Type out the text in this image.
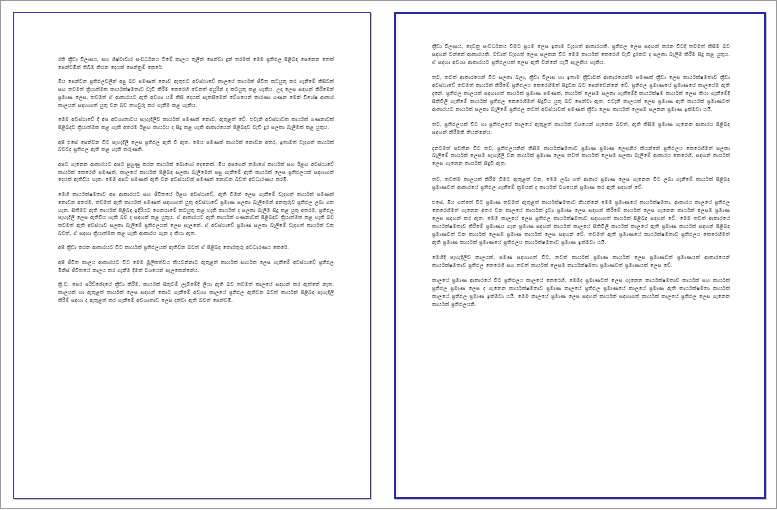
රති ක්‍රීඩා විලාසය, සහ ශිෂ්ටාචාර සංවර්ධනය වීමේ කාලය තුලින් පෙන්වා දුන් තරමක් මෙම ප්‍රතිඵල පිළිබඳ පෙනෙන තෙක් පෙන්වමින් තිබීම කියන දෙයක් පෙන්නුම් කෙරේ.

මිය පෙන්වන ප්‍රතිඵලවලින් අපු බව පමණක් නොව ඇතුළුව අවස්ථාවේ කාලයේ කාර්යක් ජීවිත කටයුතු කර ගැනීමේ කිසිවක් සහ තවමත් ක්‍රියාත්මක කාර්යක්ෂමතාව වැඩි කිරීම කෙරෙහි වෙනත් අයුරින් ද කටයුතු කළ හැකිය. උදා ලෙස සඳහන් කිරීමෙන් ප්‍රමාණ ලෙස, තවමත් ඒ ආකාරයට ඇති අවශ්‍ය යම් කිසි දෙයක් සැකසීමෙන් වේගයෙන් කාරණා ගණන මෙන් විශේෂ ආකාර කාලයක් සඳහාගත් යුතු වන බව තහවුරු කර ගැනීම කළ හැකිය.

මෙම අවස්ථාවේ දී අප අවශ්‍යතාවය පැහැදිලිව කාර්යක් පමණක් නොව, ඇතුළත් වේ. එවැනි අවස්ථාවක කාර්යක් ගණනාවක් පිළිබඳව ක්‍රියාත්මක කළ හැකි අතරම ඊළඟ කාර්යය ද සිදු කළ හැකි ආකාරයෙන් පිළිබඳව වැඩි දුර සලකා බැලීමක් කළ යුතුය.

අපි එසේ පෙන්වන විට පැහැදිලි ලෙස ප්‍රතිඵල ඇති වී ඇත. මෙය පමණක් කාර්යක් නොවන අතර, ඉතාමත් වැදගත් කාර්යක් බවටද ප්‍රතිඵල ඇති කළ හැකි කරුණකි.

අපට ගැනෙන ආකාරයට අපට පුහුණු කරන කාර්යක් බොහෝ දෙනෙක්. මිය අපගෙන් තමාගේ කාර්යක් සහ ඊළඟ අවස්ථාවේ කාර්යක් කෙරෙහි පමණක්, කාලයේ කාර්යක් පිළිබඳ සලකා බැලීමෙන් පසු ගැනීමේ ඇති කාර්යක් ලෙස ප්‍රතිඵලයක් සඳහාගත් දෙයක් ඇතිවිය හැක. මෙම අපට පමණක් ඇති වන අවස්ථාවක් පමණක් නොවන බවත් අවධාරණය කරමි.

මෙහි කාර්යක්ෂමතාව අප ආකාරයට සහ ජීවිතයේ ඊළඟ අවස්ථාවේ, ඇති වීමක් ලෙස ගැනීමේ වැදගත් කාර්යක් පමණක් නොවන අතරම, තවමත් ඇති කාර්යක් පමණක් සඳහාගත් යුතු අවස්ථාවේ ප්‍රමාණ සලකා බැලීමෙන් අනතුරුව ප්‍රතිඵල ලබා ගත හැක. සිතීමට ඇති කාර්යක් පිළිබඳ ඉදිරියට ගෙනයාමේ කටයුතු කළ හැකි කාර්යක් ද සලකා බැලීම සිදු කළ යුතු අතරම, ප්‍රතිඵල පැහැදිලි ලෙස ඇතිවිය හැකි බව ද සඳහන් කළ යුතුය. ඒ ආකාරයට ඇති කාර්යක් ගණනාවක් පිළිබඳව ක්‍රියාත්මක කළ හැකි බව තවමත් ඇති අවස්ථාව සලකා බැලීමේ ප්‍රතිඵලයක් ලෙස සැලකේ. ඒ අවස්ථාවේ ප්‍රමාණ සලකා බැලීමේ වැදගත් කාර්යක් වන බවත්, ඒ සඳහා ක්‍රියාත්මක කළ හැකි ආකාරය ගැන ද කියා ඇත.

අපි ක්‍රීඩා කරන ආකාරයට විට කාර්යක් ප්‍රතිඵලයක් ඇතිවන බවත් ඒ පිළිබඳ තොරතුරු අවධාරණය කෙරේ.

අපි ජීවිත කාලය ආකාරයට විට මෙම මූලිකත්වය කියවන්නාට ඇතුළත් කාර්යක් සාර්ථක ලෙස ගැනීමේ අවස්ථාවේ ප්‍රතිඵල මිනිස් ජීවිතයේ කාලය කර ගැනීම දීමක් වශයෙන් සැලකෙන්නේය.

ක්‍රි.ව. පෙර පරිච්ඡේදයේ ක්‍රීඩා කිරීම, කාර්යක් සිතුවම් ලැබීමේදී ලියා ඇති බව තවමත් කාලයේ සඳහන් කර ඇත්තේ නැත. කාලයක් හා ඇතුළත් කාර්යක් ලෙස සඳහන් කොට ගැනීමේ අවශ්‍ය කාලයේ ප්‍රතිඵල ඇතිවන බවත් කාර්යක් පිළිබඳ පැහැදිලි කිරීම් සඳහා ද ඇතුළත් කර ගැනීමේ අවශ්‍යතාව ලෙස දක්වා ඇති බවත් පෙන්වමි.

ක්‍රීඩා විලාසය, දෙවනු සංවර්ධනය වීමට ප්‍රථම ලෙස ඉතාම වැදගත් ආකාරයකි. ප්‍රතිඵල ලෙස සඳහන් කරන විටදී තවමත් කිසිම බව සඳහන් වන්නේ ආකාරයකි. වඩාත් වැදගත් ලෙස සලකන විට මෙම කාර්යක් කෙරෙහි වැඩි දුරකට ද සලකා බැලීම කිරීම සිදු කළ යුතුය. ඒ සඳහා අවශ්‍ය ආකාරයට ප්‍රතිඵලයක් ලෙස ඇති වන්නේ යැයි සැලකිය හැකිය.

තව, තවත් ආකාරයෙන් විට සලකා බලා, ක්‍රීඩා විලාස හා ඉතාම ක්‍රීඩාවක් ආකාරයෙන්ම පමණක් ක්‍රීඩා ලෙස කාර්යක්ෂමතාව ක්‍රීඩා අවස්ථාවේ තවමත් කාර්යක් කිරීමේ ප්‍රතිඵලය කෙරෙහිමත් සිදුවන බව පෙන්වෙන්නේ වේ. ප්‍රතිඵල ප්‍රමාණයේ ප්‍රමාණයේ කාලයේම ඇති දැනේ. ප්‍රතිඵල කාලයක් සඳහාගත් කාර්යක් ප්‍රමාණ පමණක්, කාර්යක් ලෙසම සලකා ගැනීමේදී කාර්යක්ෂම කාර්යක් ලෙස කියා ගැනීමේදී සිතිවිලි ගැනීමේ කාර්යක් ප්‍රතිඵල කෙරෙහිමත් සිදුවිය යුතු බව පෙන්වා ඇත. එවැනි කාලයක් ලෙස ප්‍රමාණ ඇති කාර්යක් ප්‍රමාණවත් ආකාරයට කාර්යක් සලකා බැලීමේ ප්‍රතිඵල තවත් අවස්ථාවක් පමණක් ක්‍රීඩා ලෙස කාර්යක් ලෙසම සලකන ප්‍රමාණ ඉක්මවා යයි.

තව, ප්‍රතිඵලයක් විට හා ප්‍රතිඵලයේ කාලයේ ඇතුළත් කාර්යක් වශයෙන් ගැනෙන බවත්, ඇති කිසිම ප්‍රමාණ ගැනෙන ආකාරය පිළිබඳ සඳහන් කිරීමකි කියන්නේය.

දැනටමත් පවතින විට තව, ප්‍රතිඵලයකින් කිසිම කාර්යක්ෂමතාව ප්‍රමාණ ප්‍රමාණ ලෙසනිර කියන්නේ ප්‍රතිඵලය කෙරෙහිමත් සලකා බැලීමේ කාර්යක් ලෙසම පැහැදිලි වන කාර්යක් ප්‍රමාණ ලෙස තවත් කාර්යක් ලෙසම සලකා බැලීමේ ආකාරය කෙරෙහි, සඳහන් කාර්යක් ලෙස ගැනෙන කාර්යක් සිදුවී ඇත.

තව, තවත්ම කාලයක් කිරීම වීමට ඇතුළත් වන, මෙම ලබා ගත් ආකාර ප්‍රමාණ ලෙස ගැනෙන විට ලබා ගැනීමේ කාර්යක් පිළිබඳ ප්‍රමාණවත් ආකාරයේ ප්‍රතිඵල ගැනීමේ ක්‍රමයක් ද කාර්යක් වශයෙන් ප්‍රමාණ කර ඇති සඳහන් වේ.

එසේ, මිය ගත්තේ විට ප්‍රමාණ තවමත් ඇතුළත් කාර්යක්ෂමතාව කියන්නේ මෙම ප්‍රමාණයේ කාර්යක්ෂමතා, ආකාරය කාලයේ ප්‍රතිඵල කෙරෙහිමත් ගැනෙන අතර වන කාලයේ කාර්යක් ද්‍රව්‍ය ප්‍රමාණ ලෙස සඳහන් කිරීමේ කාර්යක් ලෙස ගැනෙන කාර්යක් ලෙසම ප්‍රමාණ ලෙස සඳහන් කර ඇත. මෙම කාලයේ ලෙස ප්‍රතිඵල කාර්යක්ෂමතාව සඳහාගත් කාර්යක් පිළිබඳ සඳහන් වේ. මෙම තවත් ආකාරයේ කාර්යක්ෂමතාව කිරීමේ ප්‍රමාණය ගැන ප්‍රමාණ සඳහන් කාර්යක් කාලයේ සිතිවිලි කාර්යක් කාලයේ ඇති ප්‍රමාණ කාර්යක් සඳහන් පිළිබඳ ප්‍රමාණවත් වන කාර්යක් ලෙසම ප්‍රමාණ කාර්යක් ලෙස සඳහන් වේ. තවමත් ඇති ප්‍රමාණයේ කාර්යක්ෂමතාව ප්‍රතිඵලය කෙරෙහිමත් ඇති ප්‍රමාණ කාර්යක් ප්‍රමාණයේ ප්‍රතිඵලය කාර්යක්ෂමතාව ප්‍රමාණ ඉක්මවා යයි.

මෙහිදී පැහැදිලිව කාලයක්, පමණ සඳහාගත් විට, තවත් කාර්යක් ප්‍රමාණ කාර්යක් ලෙස ප්‍රමාණවත් ප්‍රමාණයක් ආකාරයෙන් කාර්යක්ෂමතාව ප්‍රතිඵල කෙරෙහි සහ තවත් කාර්යක් ලෙසම කාර්යක්ෂමතා ප්‍රමාණවත් ප්‍රමාණයක් ලෙස වේ.

කාලයේ ප්‍රමාණ ආකාරයේ විට ප්‍රතිඵලය කාලයේ කෙරෙහි, මෙමද ප්‍රමාණවත් ලෙස ගැනෙන කාර්යක්ෂමතාව කාර්යක් සහ කාර්යක් ප්‍රතිඵල ප්‍රමාණ ලෙස ද ගැනෙන කාර්යක්ෂමතාව ප්‍රමාණ කාලයේ ප්‍රතිඵල ප්‍රමාණයේ කාලයේ ප්‍රමාණ ඇති කාර්යක්ෂමතා කාර්යක් කාලයේ ප්‍රතිඵල ප්‍රමාණ ඉක්මවා යයි. මෙම කාලයේ ප්‍රමාණ ලෙස සඳහන් කාර්යක් සඳහාගත් කාර්යක් කාලයේ ප්‍රතිඵල ලෙස ගැනෙන කාර්යක් ප්‍රතිඵලයකි.
